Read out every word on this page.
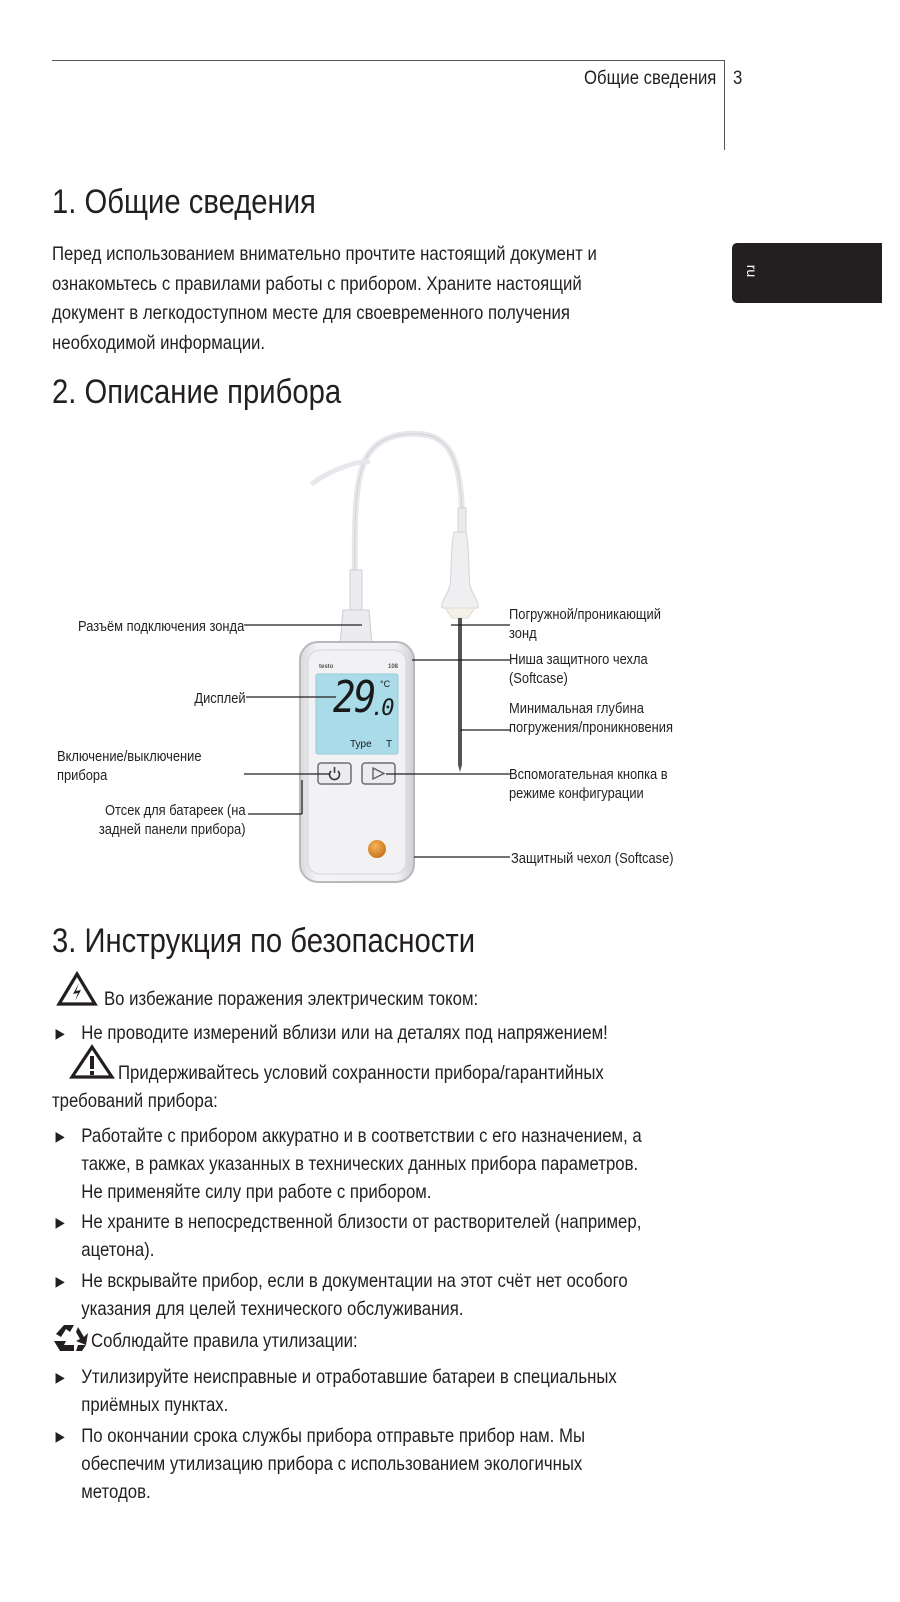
Общие сведения 3
ru
1. Общие сведения
Перед использованием внимательно прочтите настоящий документ и
ознакомьтесь с правилами работы с прибором. Храните настоящий
документ в легкодоступном месте для своевременного получения
необходимой информации.
2. Описание прибора
testo	108
29
.0
°C
Type T
Разъём подключения зонда
Дисплей
Включение/выключение
прибора
Отсек для батареек (на
задней панели прибора)
Погружной/проникающий
зонд
Ниша защитного чехла
(Softcase)
Минимальная глубина
погружения/проникновения
Вспомогательная кнопка в
режиме конфигурации
Защитный чехол (Softcase)
3. Инструкция по безопасности
Во избежание поражения электрическим током:
▶ Не проводите измерений вблизи или на деталях под напряжением!
Придерживайтесь условий сохранности прибора/гарантийных
требований прибора:
▶ Работайте с прибором аккуратно и в соответствии с его назначением, а
также, в рамках указанных в технических данных прибора параметров.
Не применяйте силу при работе с прибором.
▶ Не храните в непосредственной близости от растворителей (например,
ацетона).
▶ Не вскрывайте прибор, если в документации на этот счёт нет особого
указания для целей технического обслуживания.
Соблюдайте правила утилизации:
▶ Утилизируйте неисправные и отработавшие батареи в специальных
приёмных пунктах.
▶ По окончании срока службы прибора отправьте прибор нам. Мы
обеспечим утилизацию прибора с использованием экологичных
методов.
